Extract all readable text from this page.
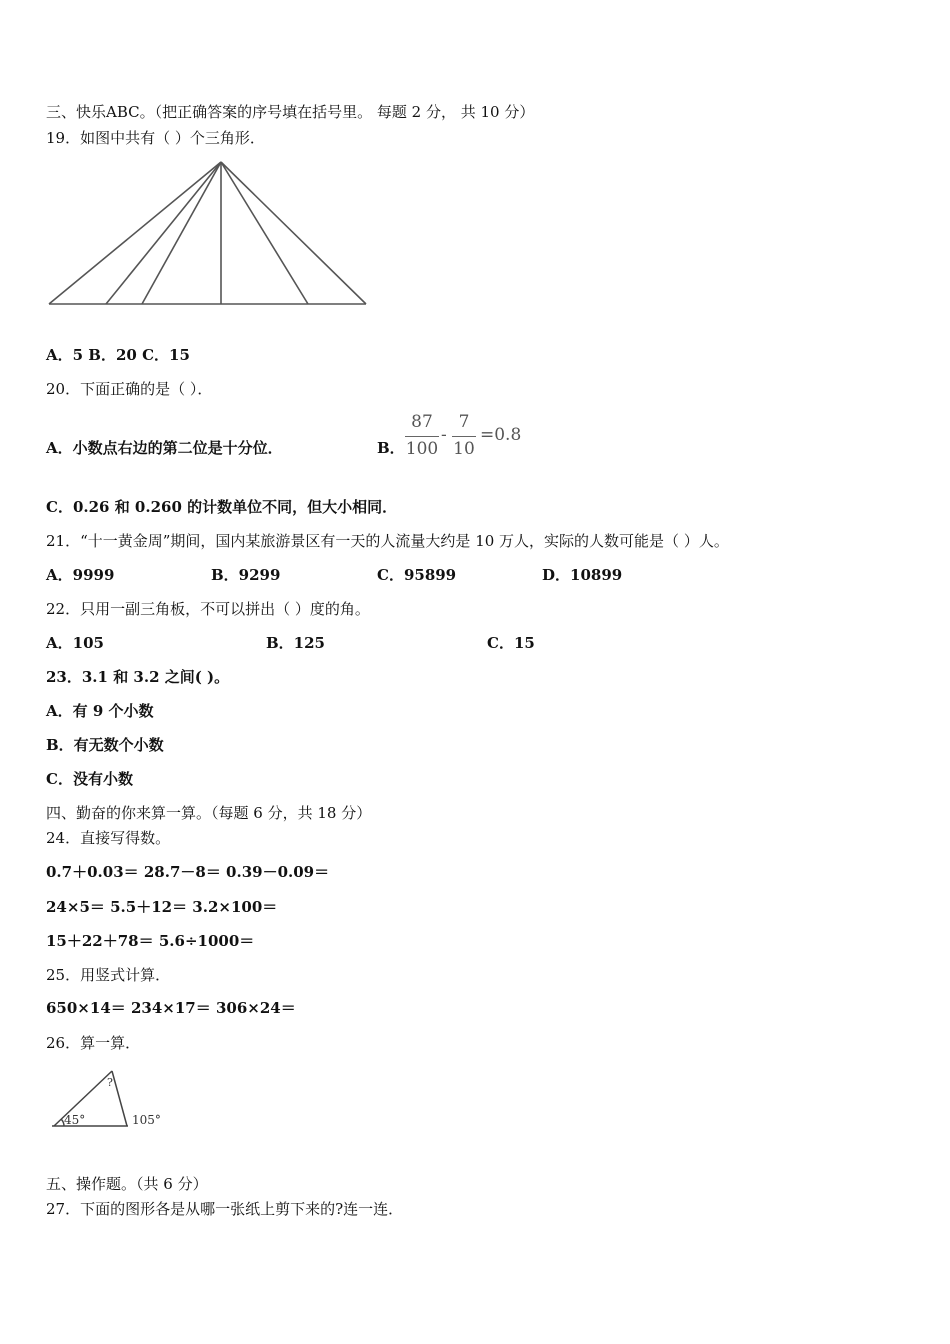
三、快乐ABC。（把正确答案的序号填在括号里。 每题 2 分， 共 10 分）
19．如图中共有（ ）个三角形．
A．5 B．20 C．15
20．下面正确的是（ ）．
A．小数点右边的第二位是十分位．	B．
87
100
-
7
10
=0.8
C．0.26 和 0.260 的计数单位不同，但大小相同．
21．“十一黄金周”期间，国内某旅游景区有一天的人流量大约是 10 万人，实际的人数可能是（ ）人。
A．9999	B．9299	C．95899	D．10899
22．只用一副三角板，不可以拼出（ ）度的角。
A．105	B．125	C．15
23．3.1 和 3.2 之间( )。
A．有 9 个小数
B．有无数个小数
C．没有小数
四、勤奋的你来算一算。（每题 6 分，共 18 分）
24．直接写得数。
0.7＋0.03＝ 28.7－8＝ 0.39－0.09＝
24×5＝ 5.5＋12＝ 3.2×100＝
15＋22＋78＝ 5.6÷1000＝
25．用竖式计算．
650×14＝ 234×17＝ 306×24＝
26．算一算．
45°
?
105°
五、操作题。（共 6 分）
27．下面的图形各是从哪一张纸上剪下来的?连一连．
